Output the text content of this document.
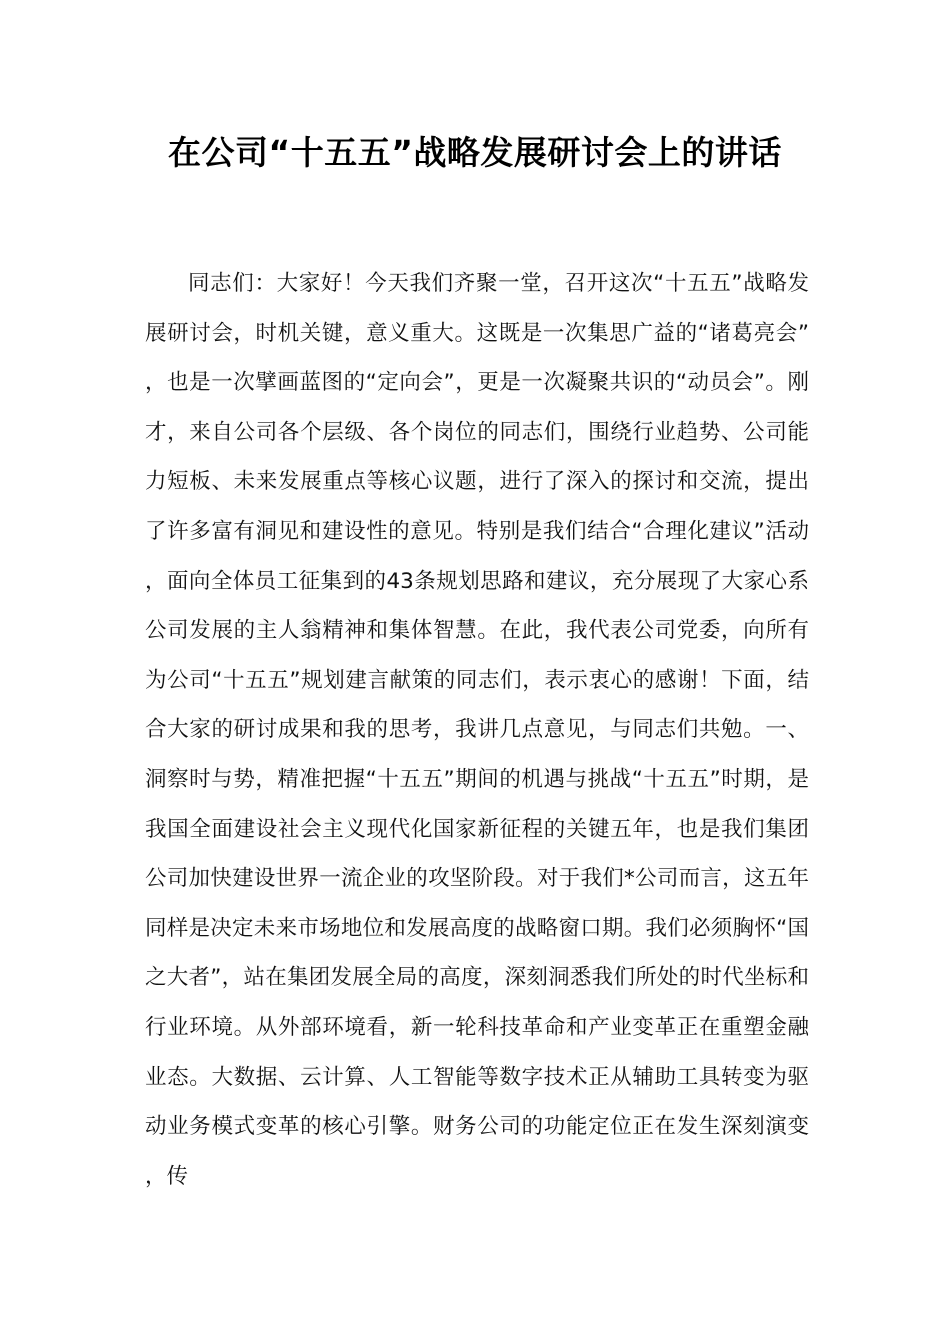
在公司“十五五”战略发展研讨会上的讲话

同志们：大家好！今天我们齐聚一堂，召开这次“十五五”战略发展研讨会，时机关键，意义重大。这既是一次集思广益的“诸葛亮会”，也是一次擘画蓝图的“定向会”，更是一次凝聚共识的“动员会”。刚才，来自公司各个层级、各个岗位的同志们，围绕行业趋势、公司能力短板、未来发展重点等核心议题，进行了深入的探讨和交流，提出了许多富有洞见和建设性的意见。特别是我们结合“合理化建议”活动，面向全体员工征集到的43条规划思路和建议，充分展现了大家心系公司发展的主人翁精神和集体智慧。在此，我代表公司党委，向所有为公司“十五五”规划建言献策的同志们，表示衷心的感谢！下面，结合大家的研讨成果和我的思考，我讲几点意见，与同志们共勉。一、洞察时与势，精准把握“十五五”期间的机遇与挑战“十五五”时期，是我国全面建设社会主义现代化国家新征程的关键五年，也是我们集团公司加快建设世界一流企业的攻坚阶段。对于我们*公司而言，这五年同样是决定未来市场地位和发展高度的战略窗口期。我们必须胸怀“国之大者”，站在集团发展全局的高度，深刻洞悉我们所处的时代坐标和行业环境。从外部环境看，新一轮科技革命和产业变革正在重塑金融业态。大数据、云计算、人工智能等数字技术正从辅助工具转变为驱动业务模式变革的核心引擎。财务公司的功能定位正在发生深刻演变，传
